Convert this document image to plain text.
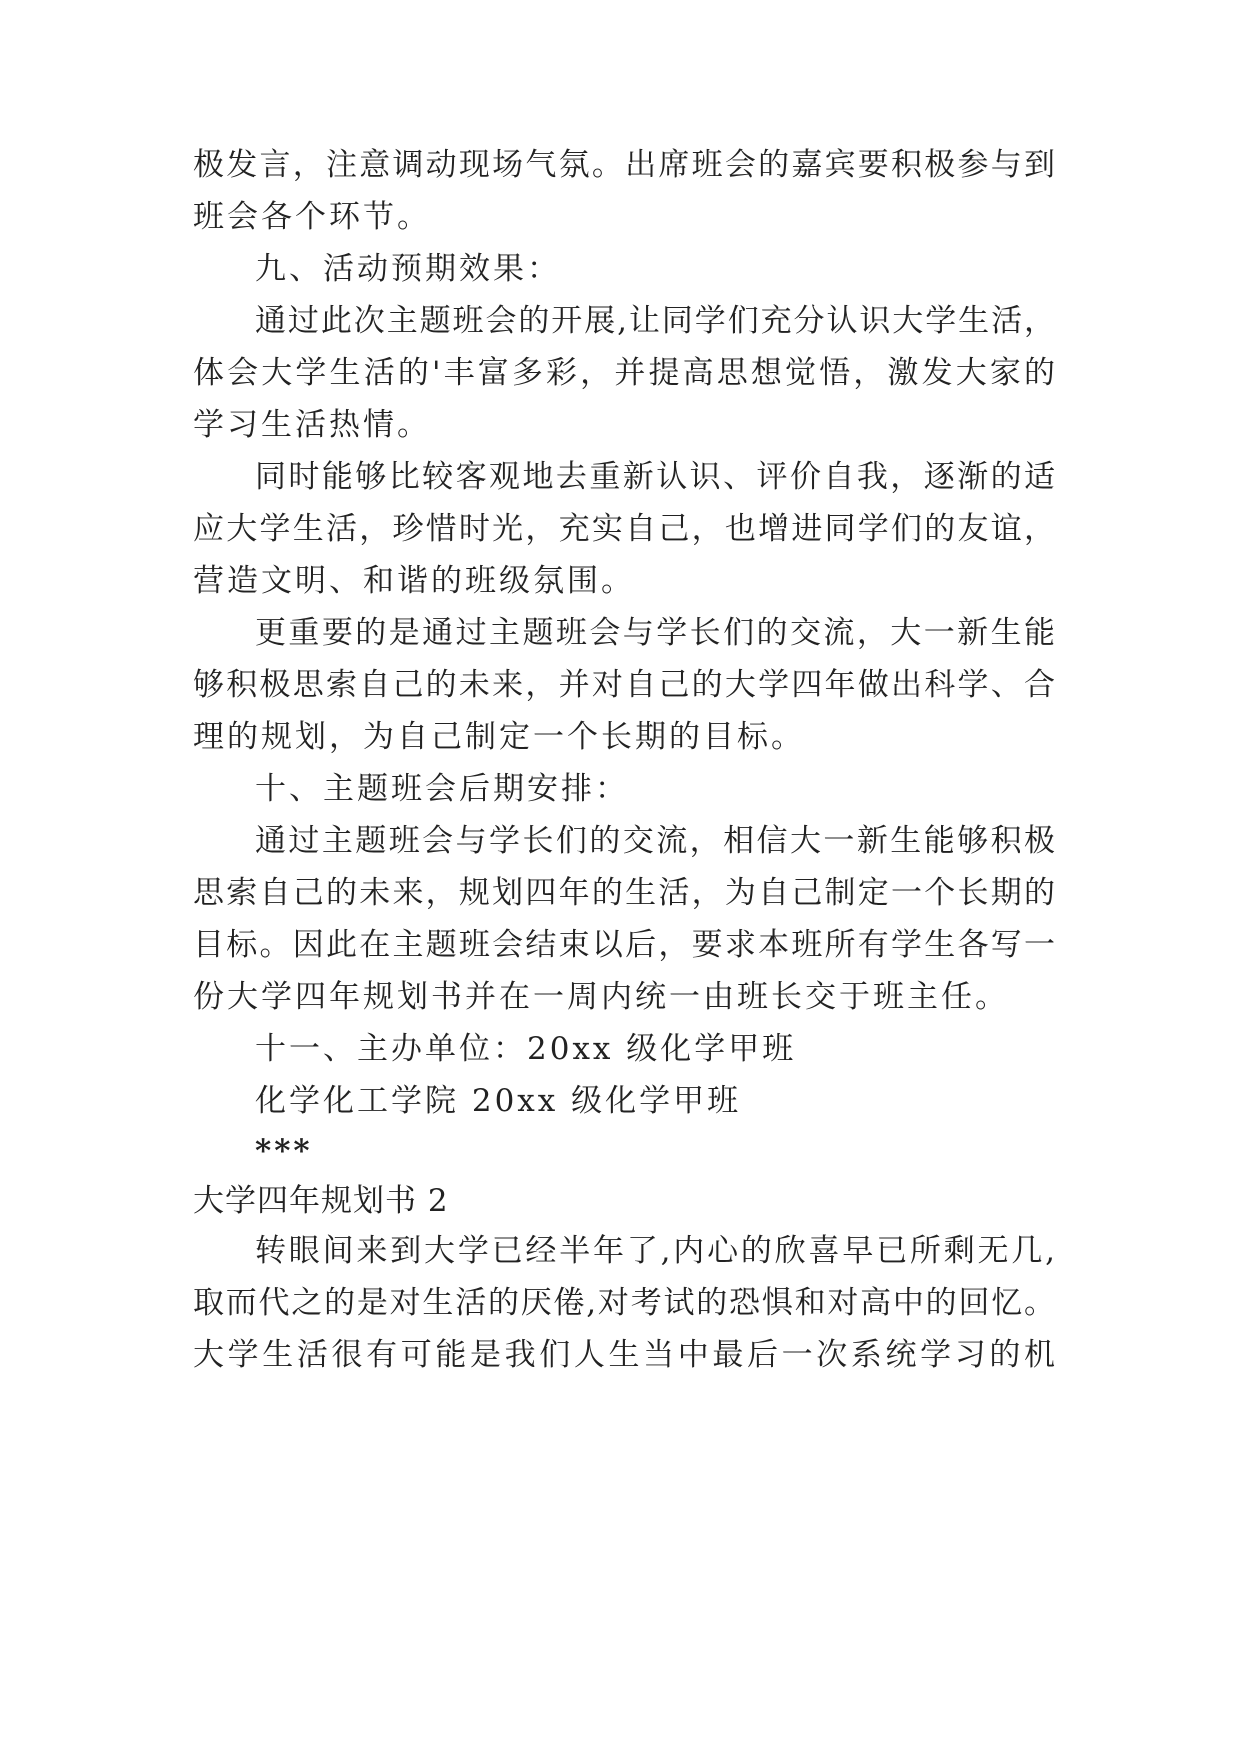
极发言，注意调动现场气氛。出席班会的嘉宾要积极参与到
班会各个环节。
九、活动预期效果：
通过此次主题班会的开展,让同学们充分认识大学生活，
体会大学生活的'丰富多彩，并提高思想觉悟，激发大家的
学习生活热情。
同时能够比较客观地去重新认识、评价自我，逐渐的适
应大学生活，珍惜时光，充实自己，也增进同学们的友谊，
营造文明、和谐的班级氛围。
更重要的是通过主题班会与学长们的交流，大一新生能
够积极思索自己的未来，并对自己的大学四年做出科学、合
理的规划，为自己制定一个长期的目标。
十、主题班会后期安排：
通过主题班会与学长们的交流，相信大一新生能够积极
思索自己的未来，规划四年的生活，为自己制定一个长期的
目标。因此在主题班会结束以后，要求本班所有学生各写一
份大学四年规划书并在一周内统一由班长交于班主任。
十一、主办单位：20xx 级化学甲班
化学化工学院 20xx 级化学甲班
***
大学四年规划书 2
转眼间来到大学已经半年了,内心的欣喜早已所剩无几,
取而代之的是对生活的厌倦,对考试的恐惧和对高中的回忆。
大学生活很有可能是我们人生当中最后一次系统学习的机
